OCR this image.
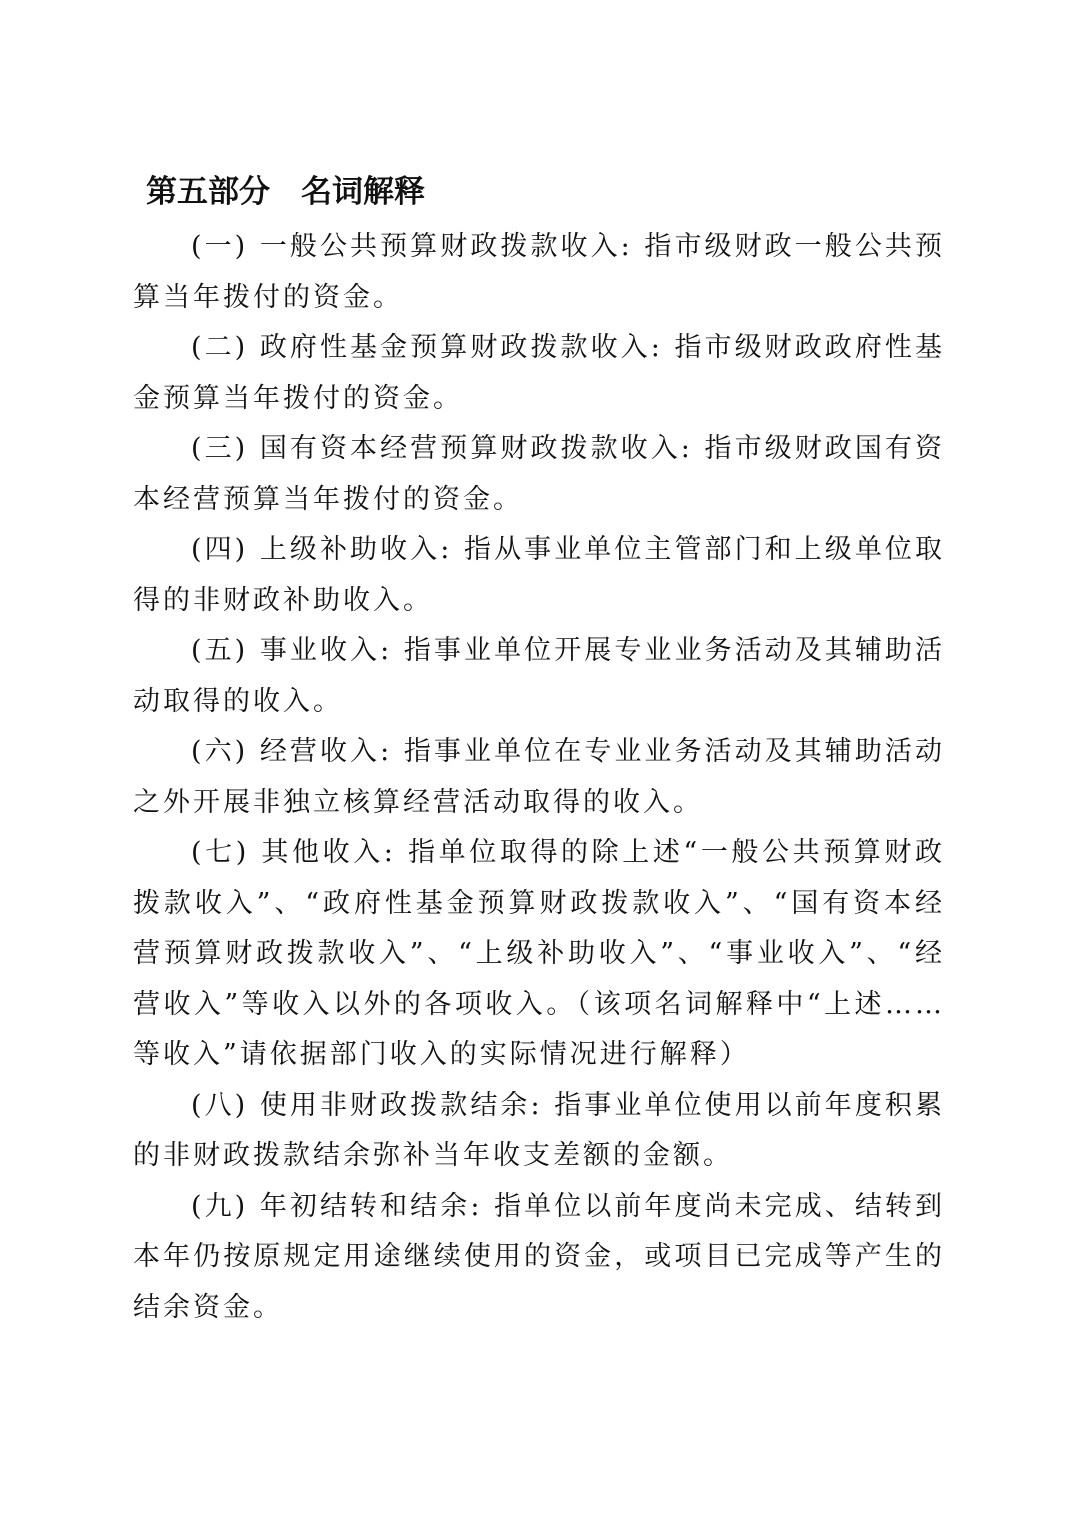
第五部分　名词解释

(一) 一般公共预算财政拨款收入: 指市级财政一般公共预算当年拨付的资金。

(二) 政府性基金预算财政拨款收入: 指市级财政政府性基金预算当年拨付的资金。

(三) 国有资本经营预算财政拨款收入: 指市级财政国有资本经营预算当年拨付的资金。

(四) 上级补助收入: 指从事业单位主管部门和上级单位取得的非财政补助收入。

(五) 事业收入: 指事业单位开展专业业务活动及其辅助活动取得的收入。

(六) 经营收入: 指事业单位在专业业务活动及其辅助活动之外开展非独立核算经营活动取得的收入。

(七) 其他收入: 指单位取得的除上述“一般公共预算财政拨款收入”、“政府性基金预算财政拨款收入”、“国有资本经营预算财政拨款收入”、“上级补助收入”、“事业收入”、“经营收入”等收入以外的各项收入。（该项名词解释中“上述……等收入”请依据部门收入的实际情况进行解释）

(八) 使用非财政拨款结余: 指事业单位使用以前年度积累的非财政拨款结余弥补当年收支差额的金额。

(九) 年初结转和结余: 指单位以前年度尚未完成、结转到本年仍按原规定用途继续使用的资金，或项目已完成等产生的结余资金。
